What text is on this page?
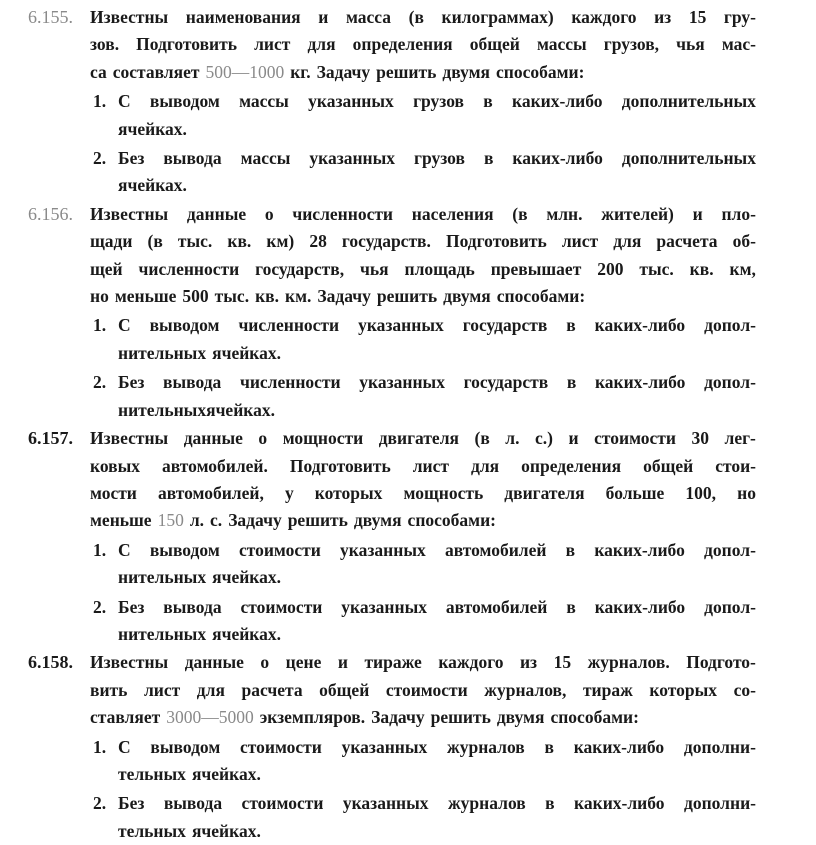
6.155. Известны наименования и масса (в килограммах) каждого из 15 гру-
зов. Подготовить лист для определения общей массы грузов, чья мас-
са составляет 500—1000 кг. Задачу решить двумя способами:
1. С выводом массы указанных грузов в каких-либо дополнительных
ячейках.
2. Без вывода массы указанных грузов в каких-либо дополнительных
ячейках.
6.156. Известны данные о численности населения (в млн. жителей) и пло-
щади (в тыс. кв. км) 28 государств. Подготовить лист для расчета об-
щей численности государств, чья площадь превышает 200 тыс. кв. км,
но меньше 500 тыс. кв. км. Задачу решить двумя способами:
1. С выводом численности указанных государств в каких-либо допол-
нительных ячейках.
2. Без вывода численности указанных государств в каких-либо допол-
нительныхячейках.
6.157. Известны данные о мощности двигателя (в л. с.) и стоимости 30 лег-
ковых автомобилей. Подготовить лист для определения общей стои-
мости автомобилей, у которых мощность двигателя больше 100, но
меньше 150 л. с. Задачу решить двумя способами:
1. С выводом стоимости указанных автомобилей в каких-либо допол-
нительных ячейках.
2. Без вывода стоимости указанных автомобилей в каких-либо допол-
нительных ячейках.
6.158. Известны данные о цене и тираже каждого из 15 журналов. Подгото-
вить лист для расчета общей стоимости журналов, тираж которых со-
ставляет 3000—5000 экземпляров. Задачу решить двумя способами:
1. С выводом стоимости указанных журналов в каких-либо дополни-
тельных ячейках.
2. Без вывода стоимости указанных журналов в каких-либо дополни-
тельных ячейках.
